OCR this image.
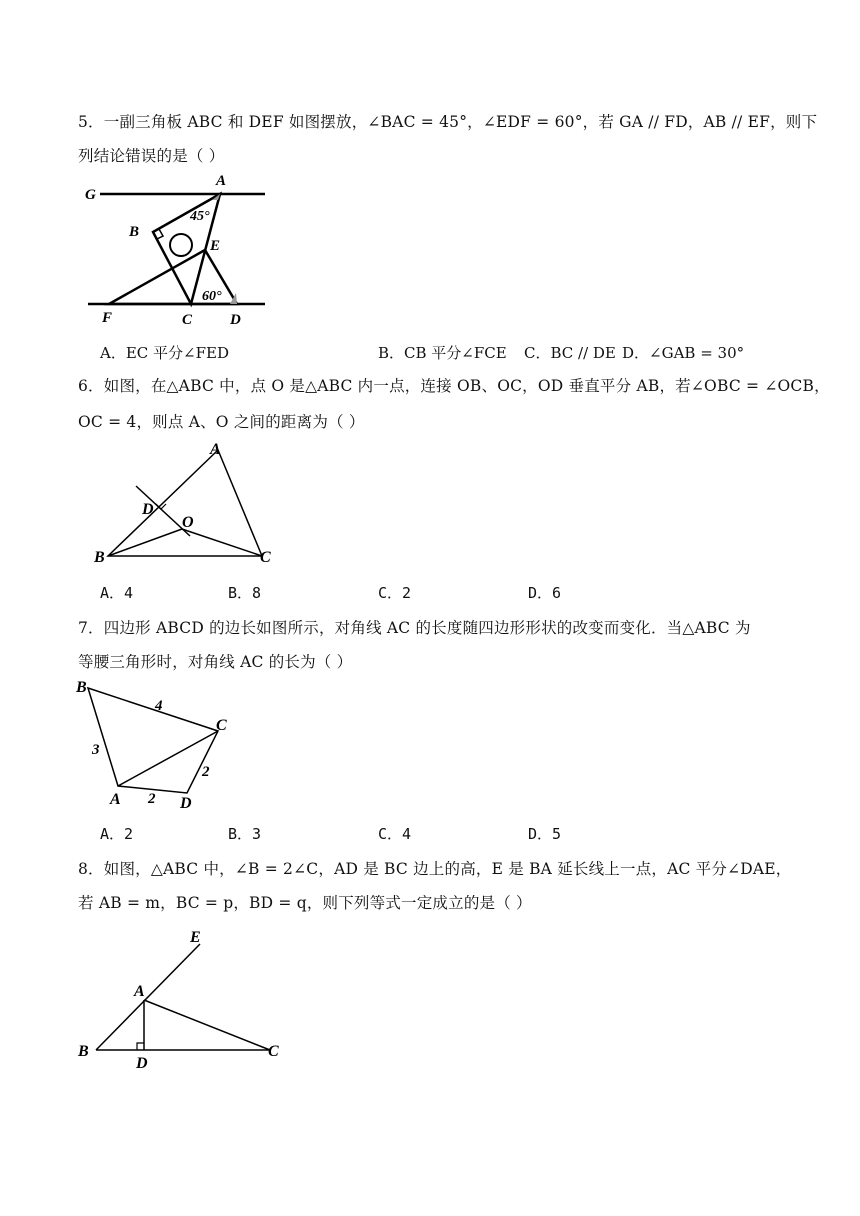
5．一副三角板 ABC 和 DEF 如图摆放，∠BAC = 45°，∠EDF = 60°，若 GA // FD，AB // EF，则下
列结论错误的是（ ）
G
A
45°
B
E
60°
F	C	D
A．EC 平分∠FED	B．CB 平分∠FCE C．BC // DE D．∠GAB = 30°
6．如图，在△ABC 中，点 O 是△ABC 内一点，连接 OB、OC，OD 垂直平分 AB，若∠OBC = ∠OCB，
OC = 4，则点 A、O 之间的距离为（ ）
A
D
O
B	C
A．4	B．8	C．2	D．6
7．四边形 ABCD 的边长如图所示，对角线 AC 的长度随四边形形状的改变而变化．当△ABC 为
等腰三角形时，对角线 AC 的长为（ ）
B
4
C
3
2
A 2 D
A．2	B．3	C．4	D．5
8．如图，△ABC 中，∠B = 2∠C，AD 是 BC 边上的高，E 是 BA 延长线上一点，AC 平分∠DAE，
若 AB = m，BC = p，BD = q，则下列等式一定成立的是（ ）
E
A
B
D
C
